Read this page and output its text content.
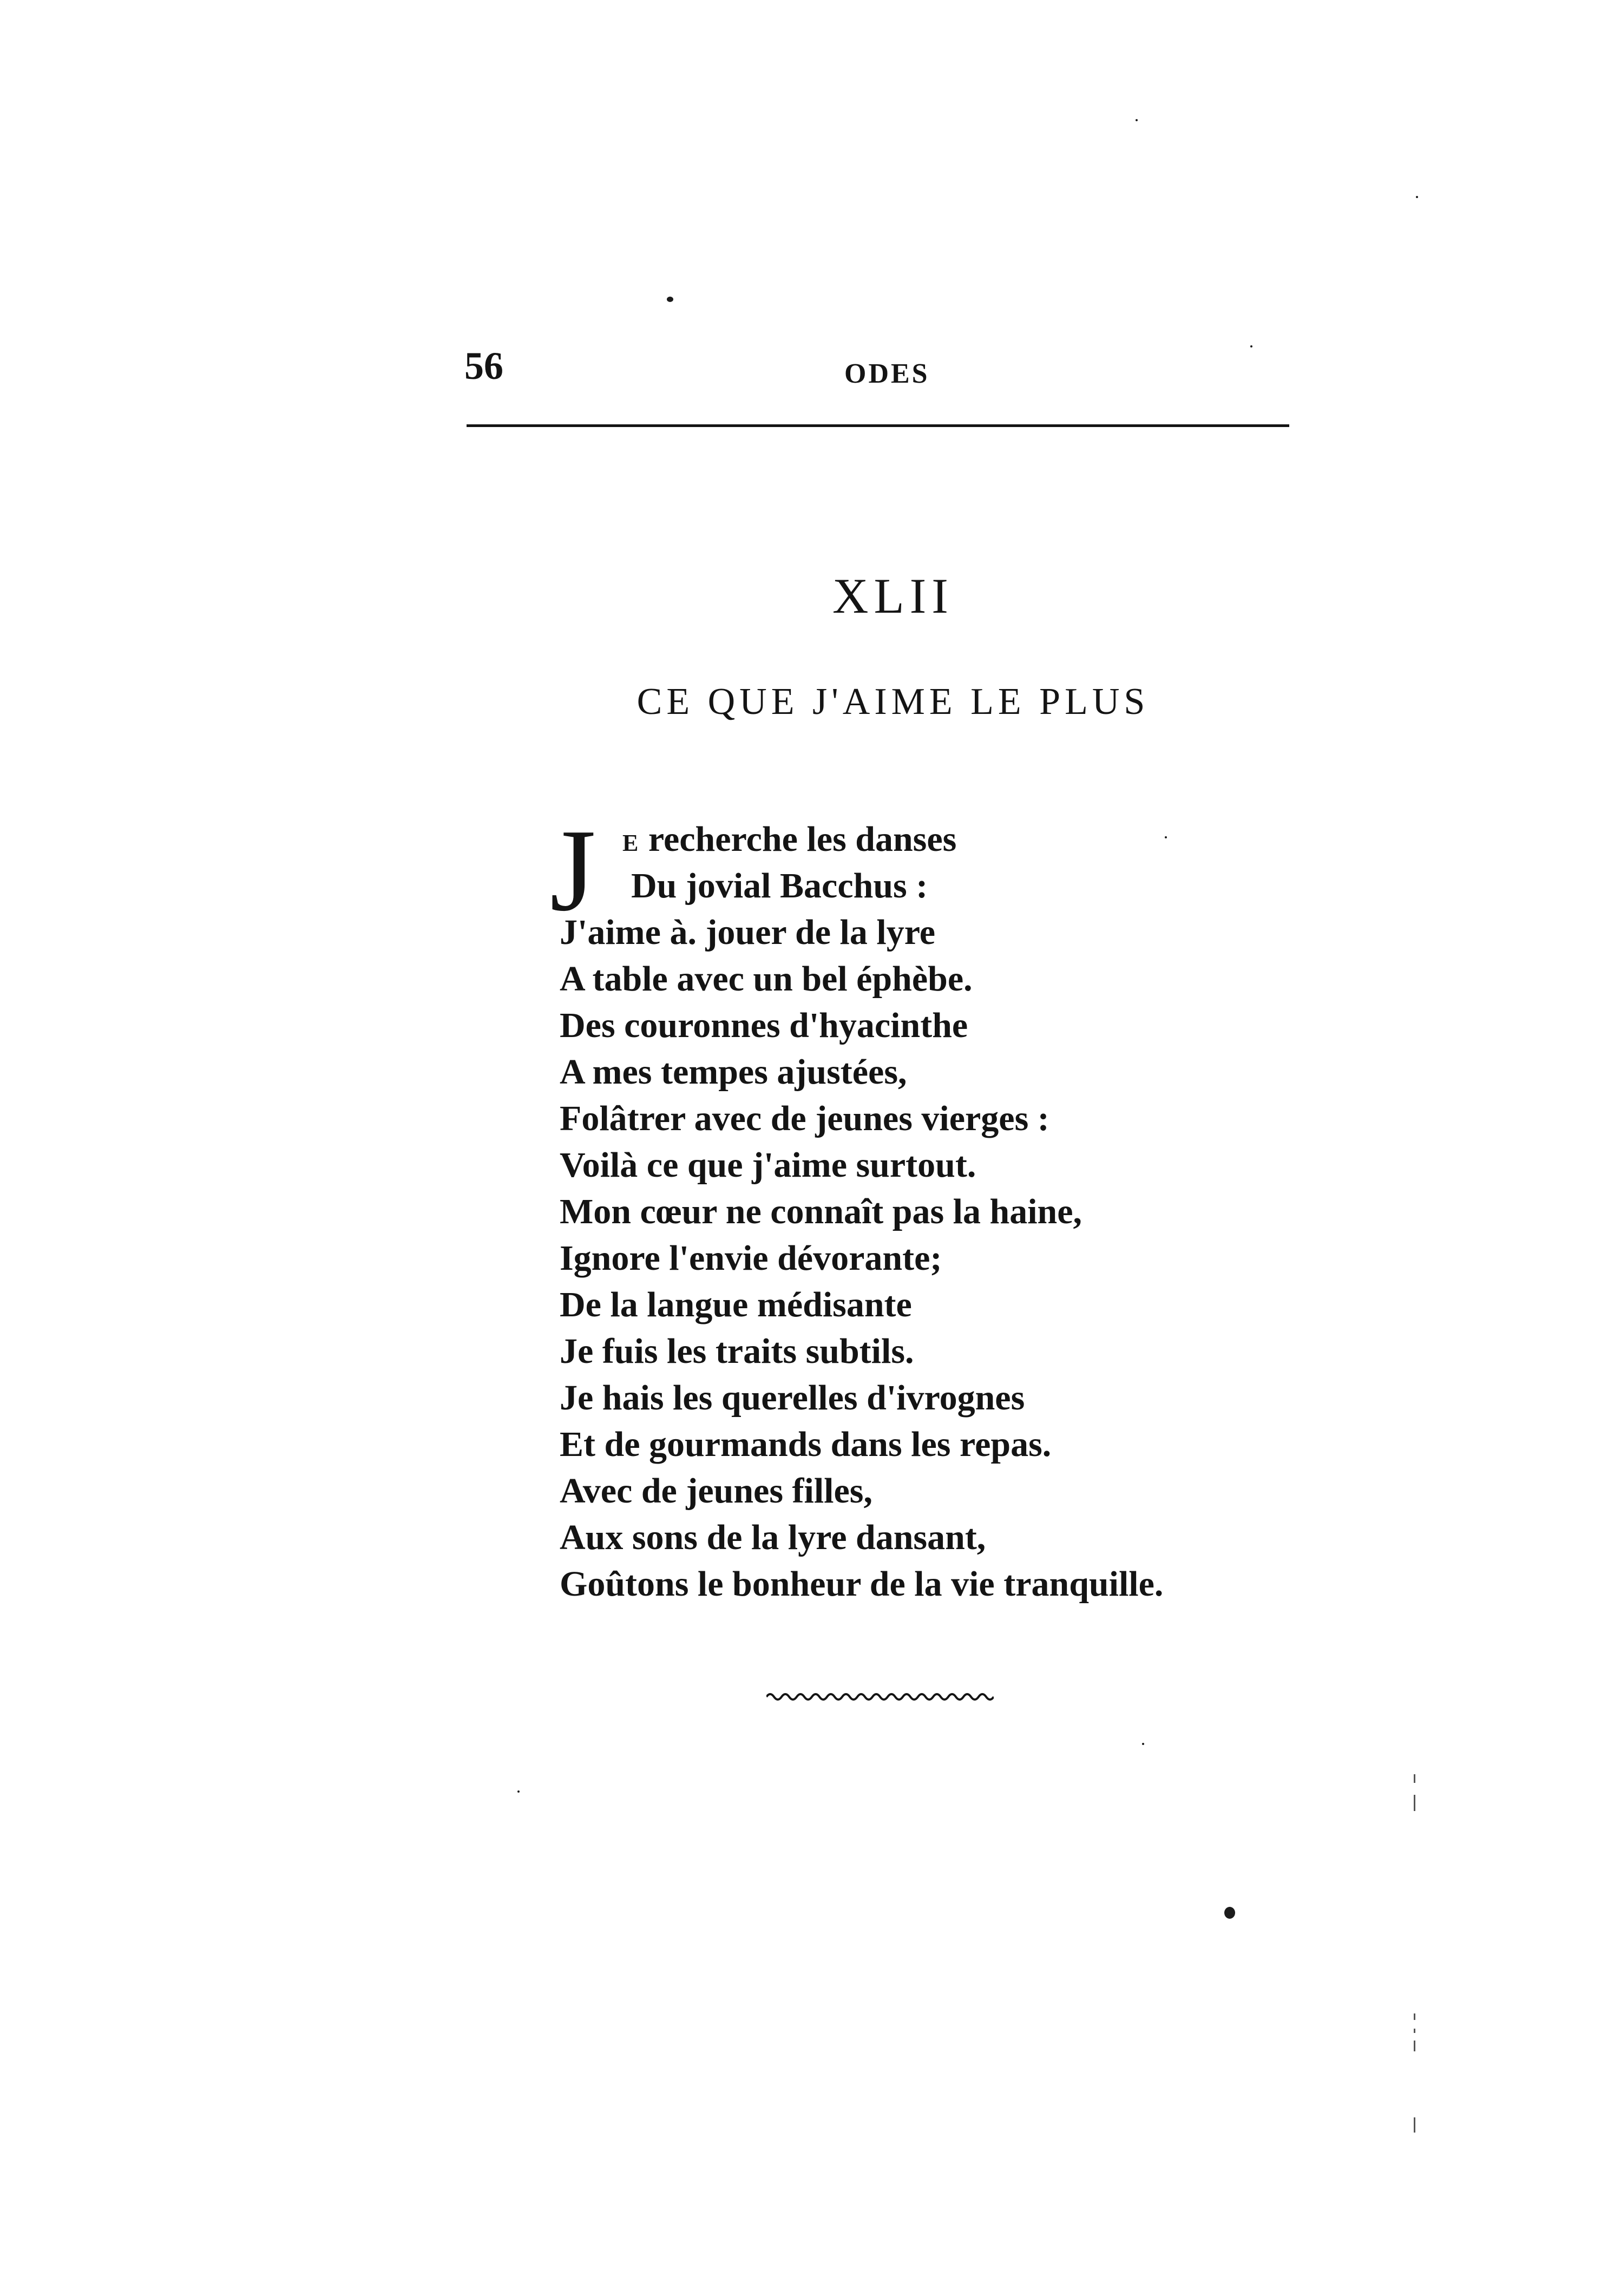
56	ODES
XLII
CE QUE J'AIME LE PLUS
J E recherche les danses
Du jovial Bacchus :
J'aime à. jouer de la lyre
A table avec un bel éphèbe.
Des couronnes d'hyacinthe
A mes tempes ajustées,
Folâtrer avec de jeunes vierges :
Voilà ce que j'aime surtout.
Mon cœur ne connaît pas la haine,
Ignore l'envie dévorante;
De la langue médisante
Je fuis les traits subtils.
Je hais les querelles d'ivrognes
Et de gourmands dans les repas.
Avec de jeunes filles,
Aux sons de la lyre dansant,
Goûtons le bonheur de la vie tranquille.
